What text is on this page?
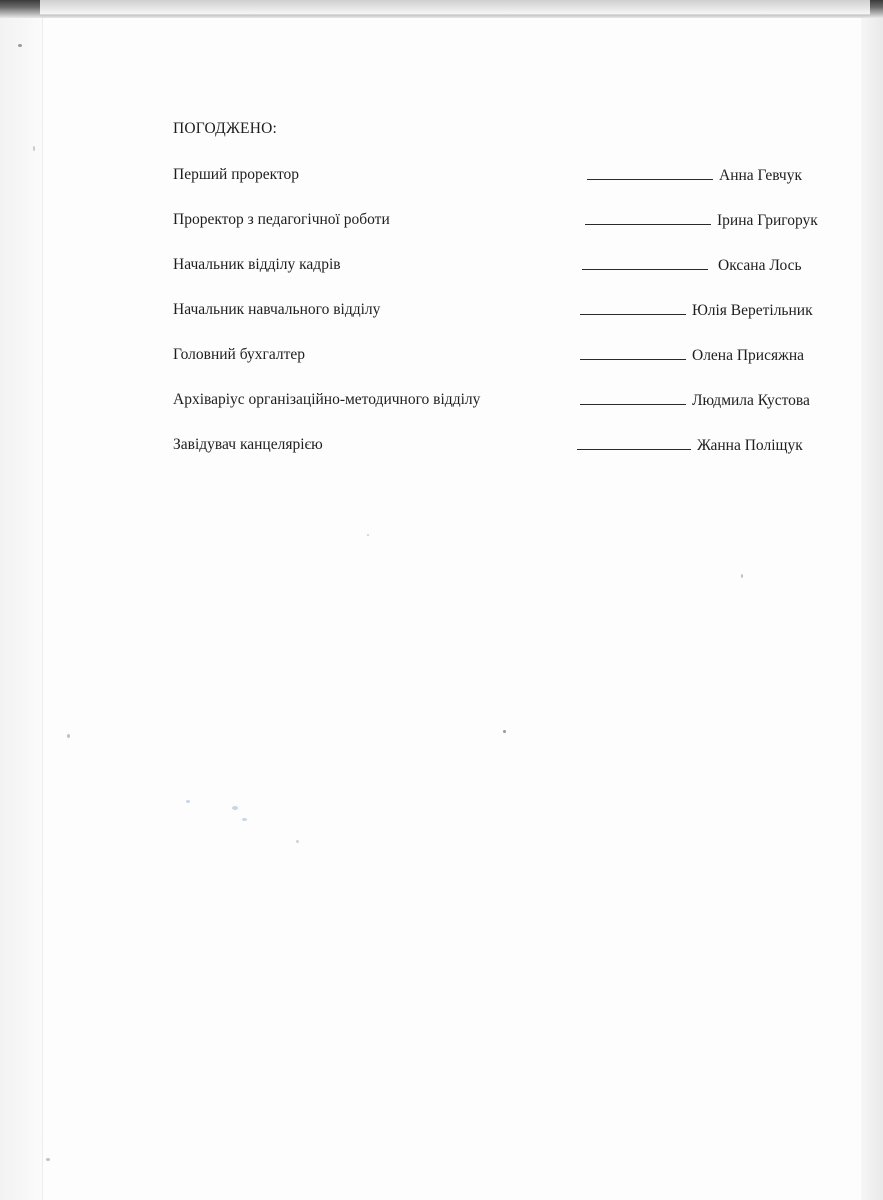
ПОГОДЖЕНО:
Перший проректор	Анна Гевчук
Проректор з педагогічної роботи	Ірина Григорук
Начальник відділу кадрів	Оксана Лось
Начальник навчального відділу	Юлія Веретільник
Головний бухгалтер	Олена Присяжна
Архіваріус організаційно-методичного відділу	Людмила Кустова
Завідувач канцелярією	Жанна Поліщук
